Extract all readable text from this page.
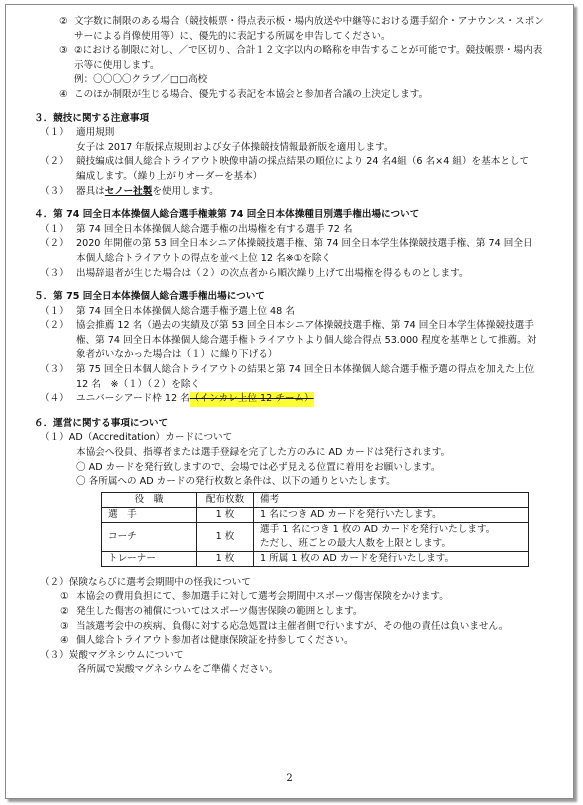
② 文字数に制限のある場合（競技帳票・得点表示板・場内放送や中継等における選手紹介・アナウンス・スポン
サーによる肖像使用等）に、優先的に表記する所属を申告してください。
③ ②における制限に対し、／で区切り、合計１２文字以内の略称を申告することが可能です。競技帳票・場内表
示等に使用します。
例：〇〇〇〇クラブ／□□高校
④ このほか制限が生じる場合、優先する表記を本協会と参加者合議の上決定します。
３．競技に関する注意事項
（１） 適用規則
女子は 2017 年版採点規則および女子体操競技情報最新版を適用します。
（２） 競技編成は個人総合トライアウト映像申請の採点結果の順位により 24 名4組（6 名×4 組）を基本として
編成します。（繰り上がりオーダーを基本）
（３） 器具は セノー社製 を使用します。
４．第 74 回全日本体操個人総合選手権兼第 74 回全日本体操種目別選手権出場について
（１） 第 74 回全日本体操個人総合選手権の出場権を有する選手 72 名
（２） 2020 年開催の第 53 回全日本シニア体操競技選手権、第 74 回全日本学生体操競技選手権、第 74 回全日
本個人総合トライアウトの得点を並べ上位 12 名※①を除く
（３） 出場辞退者が生じた場合は（２）の次点者から順次繰り上げて出場権を得るものとします。
５．第 75 回全日本体操個人総合選手権出場について
（１） 第 74 回全日本体操個人総合選手権予選上位 48 名
（２） 協会推薦 12 名（過去の実績及び第 53 回全日本シニア体操競技選手権、第 74 回全日本学生体操競技選手
権、第 74 回全日本体操個人総合選手権トライアウトより個人総合得点 53.000 程度を基準として推薦。対
象者がいなかった場合は（１）に繰り下げる）
（３） 第 75 回全日本個人総合トライアウトの結果と第 74 回全日本体操個人総合選手権予選の得点を加えた上位
12 名　※（１）（２）を除く
（４） ユニバーシアード枠 12 名 （インカレ上位 12 チーム）
６．運営に関する事項について
（１）AD（Accreditation）カードについて
本協会へ役員、指導者または選手登録を完了した方のみに AD カードは発行されます。
〇 AD カードを発行致しますので、会場では必ず見える位置に着用をお願いします。
〇 各所属への AD カードの発行枚数と条件は、以下の通りといたします。
役　職	配布枚数	備考
選　手	1 枚	1 名につき AD カードを発行いたします。

コーチ	1 枚	選手 1 名につき 1 枚の AD カードを発行いたします。
ただし、班ごとの最大人数を上限とします。

トレーナー	1 枚	1 所属 1 枚の AD カードを発行いたします。
（２）保険ならびに選考会期間中の怪我について
① 本協会の費用負担にて、参加選手に対して選考会期間中スポーツ傷害保険をかけます。
② 発生した傷害の補償についてはスポーツ傷害保険の範囲とします。
③ 当該選考会中の疾病、負傷に対する応急処置は主催者側で行いますが、その他の責任は負いません。
④ 個人総合トライアウト参加者は健康保険証を持参してください。
（３）炭酸マグネシウムについて
各所属で炭酸マグネシウムをご準備ください。
2
